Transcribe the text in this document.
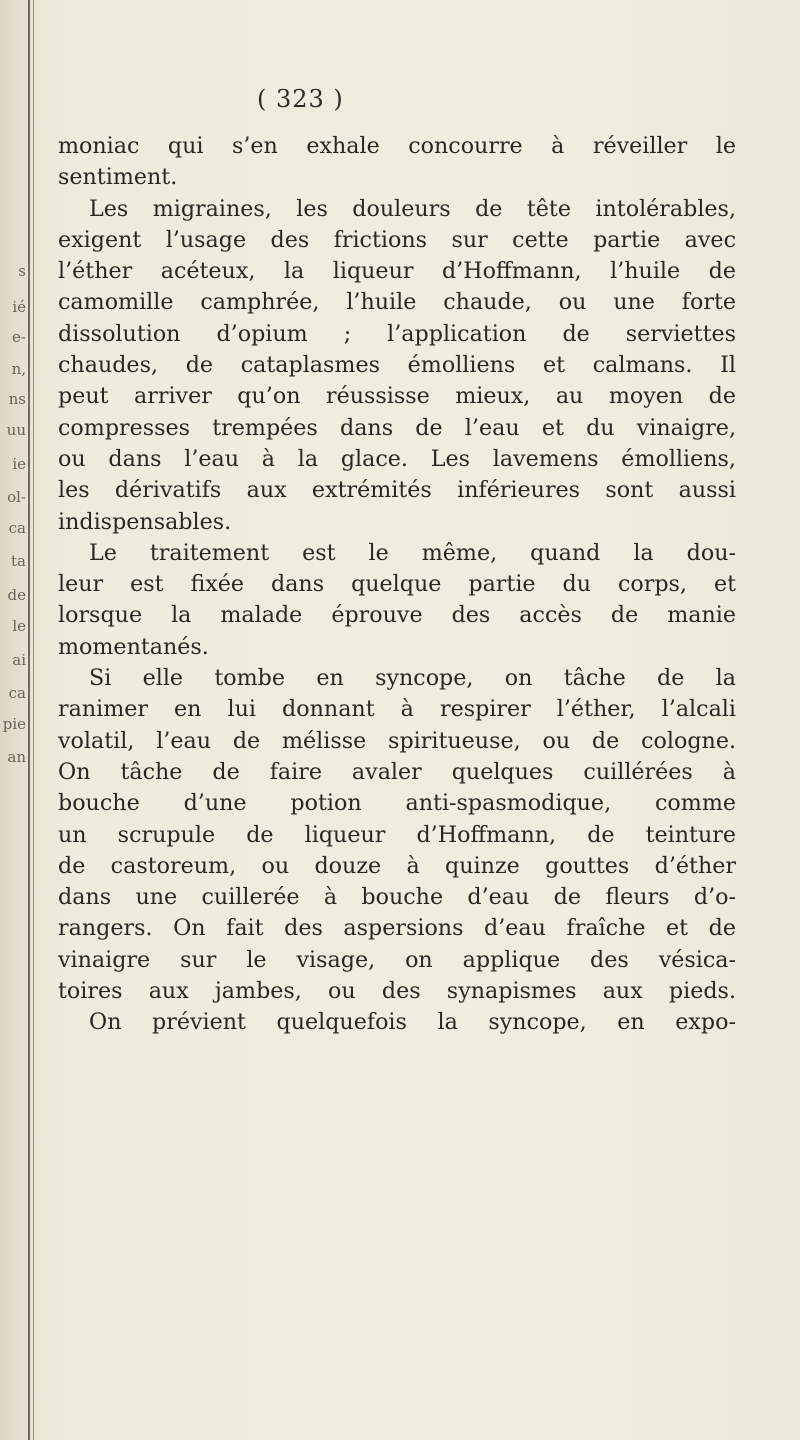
s
ié
e-
n,
ns
uu
ie
ol-
ca
ta
de
le
ai
ca
pie
an
( 323 )
moniac qui s’en exhale concourre à réveiller le
sentiment.
Les migraines, les douleurs de tête intolérables,
exigent l’usage des frictions sur cette partie avec
l’éther acéteux, la liqueur d’Hoffmann, l’huile de
camomille camphrée, l’huile chaude, ou une forte
dissolution d’opium ; l’application de serviettes
chaudes, de cataplasmes émolliens et calmans. Il
peut arriver qu’on réussisse mieux, au moyen de
compresses trempées dans de l’eau et du vinaigre,
ou dans l’eau à la glace. Les lavemens émolliens,
les dérivatifs aux extrémités inférieures sont aussi
indispensables.
Le traitement est le même, quand la dou-
leur est fixée dans quelque partie du corps, et
lorsque la malade éprouve des accès de manie
momentanés.
Si elle tombe en syncope, on tâche de la
ranimer en lui donnant à respirer l’éther, l’alcali
volatil, l’eau de mélisse spiritueuse, ou de cologne.
On tâche de faire avaler quelques cuillérées à
bouche d’une potion anti-spasmodique, comme
un scrupule de liqueur d’Hoffmann, de teinture
de castoreum, ou douze à quinze gouttes d’éther
dans une cuillerée à bouche d’eau de fleurs d’o-
rangers. On fait des aspersions d’eau fraîche et de
vinaigre sur le visage, on applique des vésica-
toires aux jambes, ou des synapismes aux pieds.
On prévient quelquefois la syncope, en expo-
